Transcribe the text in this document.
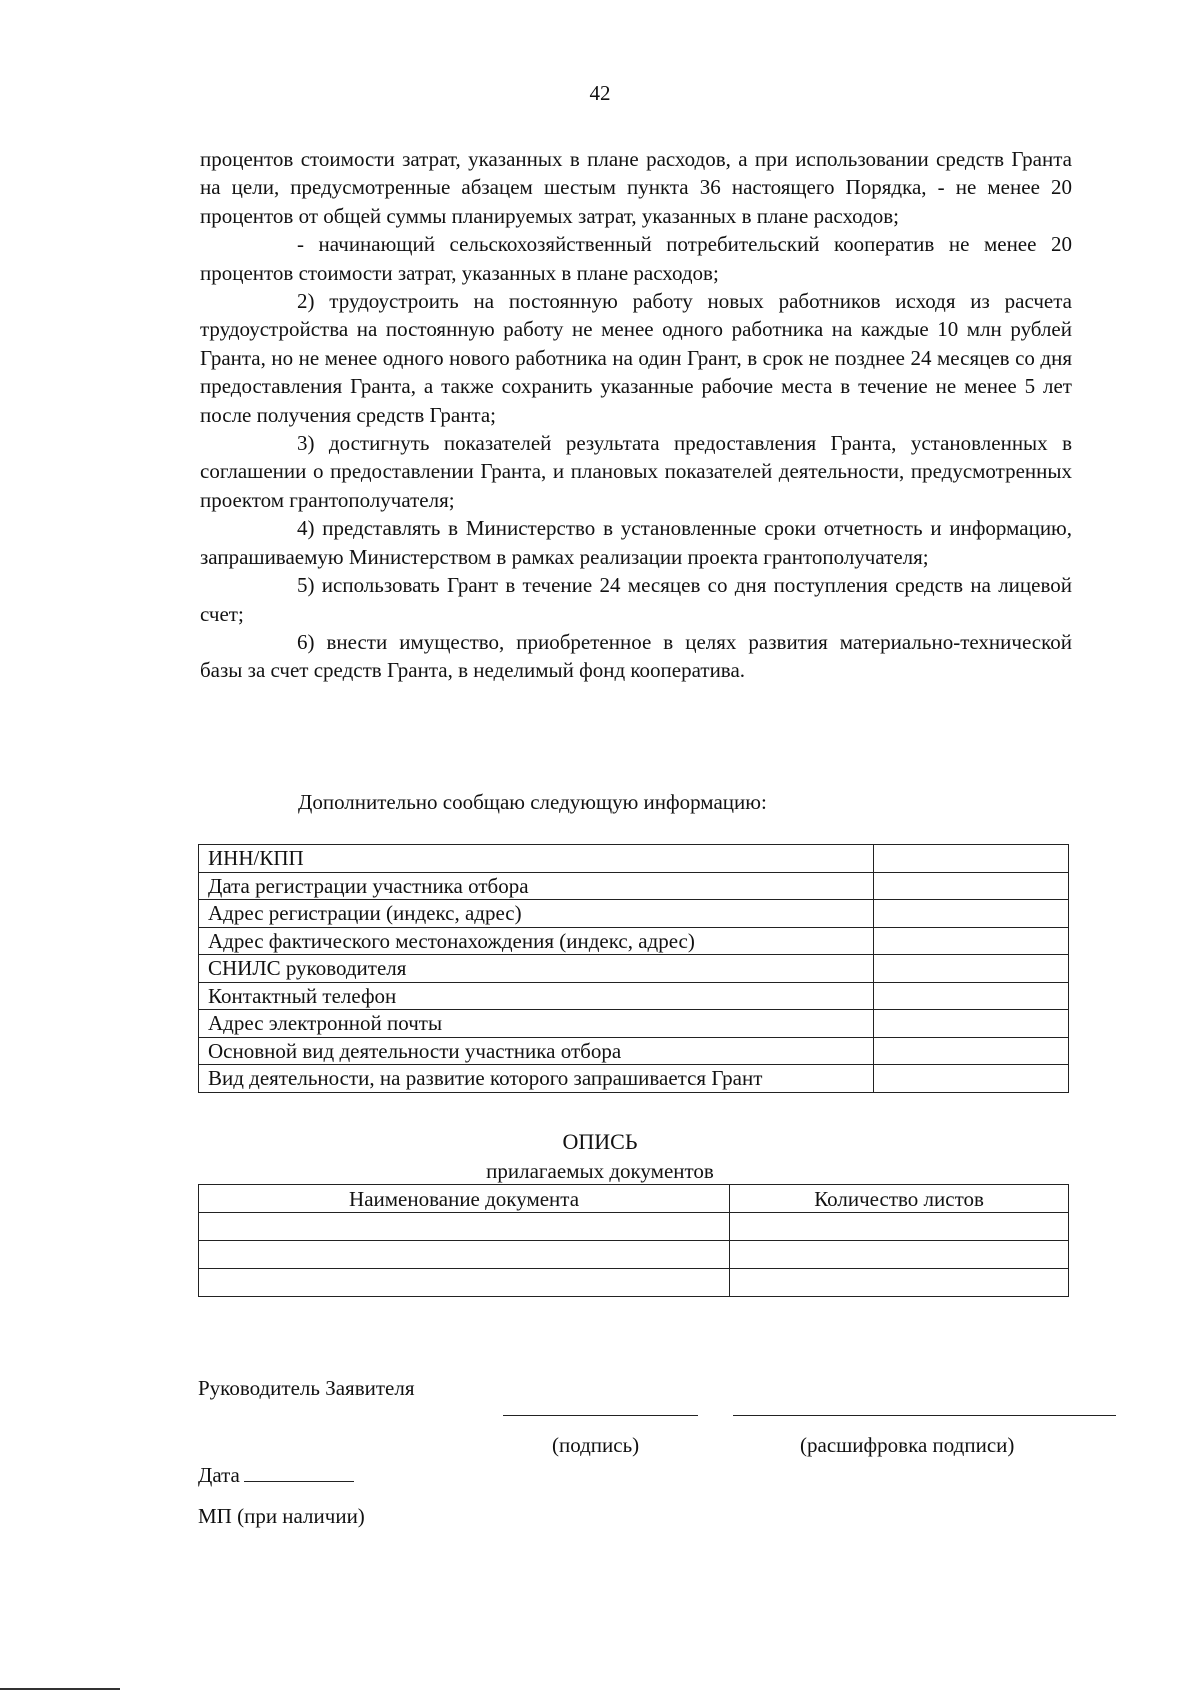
42

процентов стоимости затрат, указанных в плане расходов, а при использовании средств Гранта на цели, предусмотренные абзацем шестым пункта 36 настоящего Порядка, - не менее 20 процентов от общей суммы планируемых затрат, указанных в плане расходов;

- начинающий сельскохозяйственный потребительский кооператив не менее 20 процентов стоимости затрат, указанных в плане расходов;

2) трудоустроить на постоянную работу новых работников исходя из расчета трудоустройства на постоянную работу не менее одного работника на каждые 10 млн рублей Гранта, но не менее одного нового работника на один Грант, в срок не позднее 24 месяцев со дня предоставления Гранта, а также сохранить указанные рабочие места в течение не менее 5 лет после получения средств Гранта;

3) достигнуть показателей результата предоставления Гранта, установленных в соглашении о предоставлении Гранта, и плановых показателей деятельности, предусмотренных проектом грантополучателя;

4) представлять в Министерство в установленные сроки отчетность и информацию, запрашиваемую Министерством в рамках реализации проекта грантополучателя;

5) использовать Грант в течение 24 месяцев со дня поступления средств на лицевой счет;

6) внести имущество, приобретенное в целях развития материально-технической базы за счет средств Гранта, в неделимый фонд кооператива.

Дополнительно сообщаю следующую информацию:
ИНН/КПП	
Дата регистрации участника отбора	
Адрес регистрации (индекс, адрес)	
Адрес фактического местонахождения (индекс, адрес)	
СНИЛС руководителя	
Контактный телефон	
Адрес электронной почты	
Основной вид деятельности участника отбора	
Вид деятельности, на развитие которого запрашивается Грант	
ОПИСЬ
прилагаемых документов
Наименование документа	Количество листов

Руководитель Заявителя
(подпись)	(расшифровка подписи)
Дата
МП (при наличии)
